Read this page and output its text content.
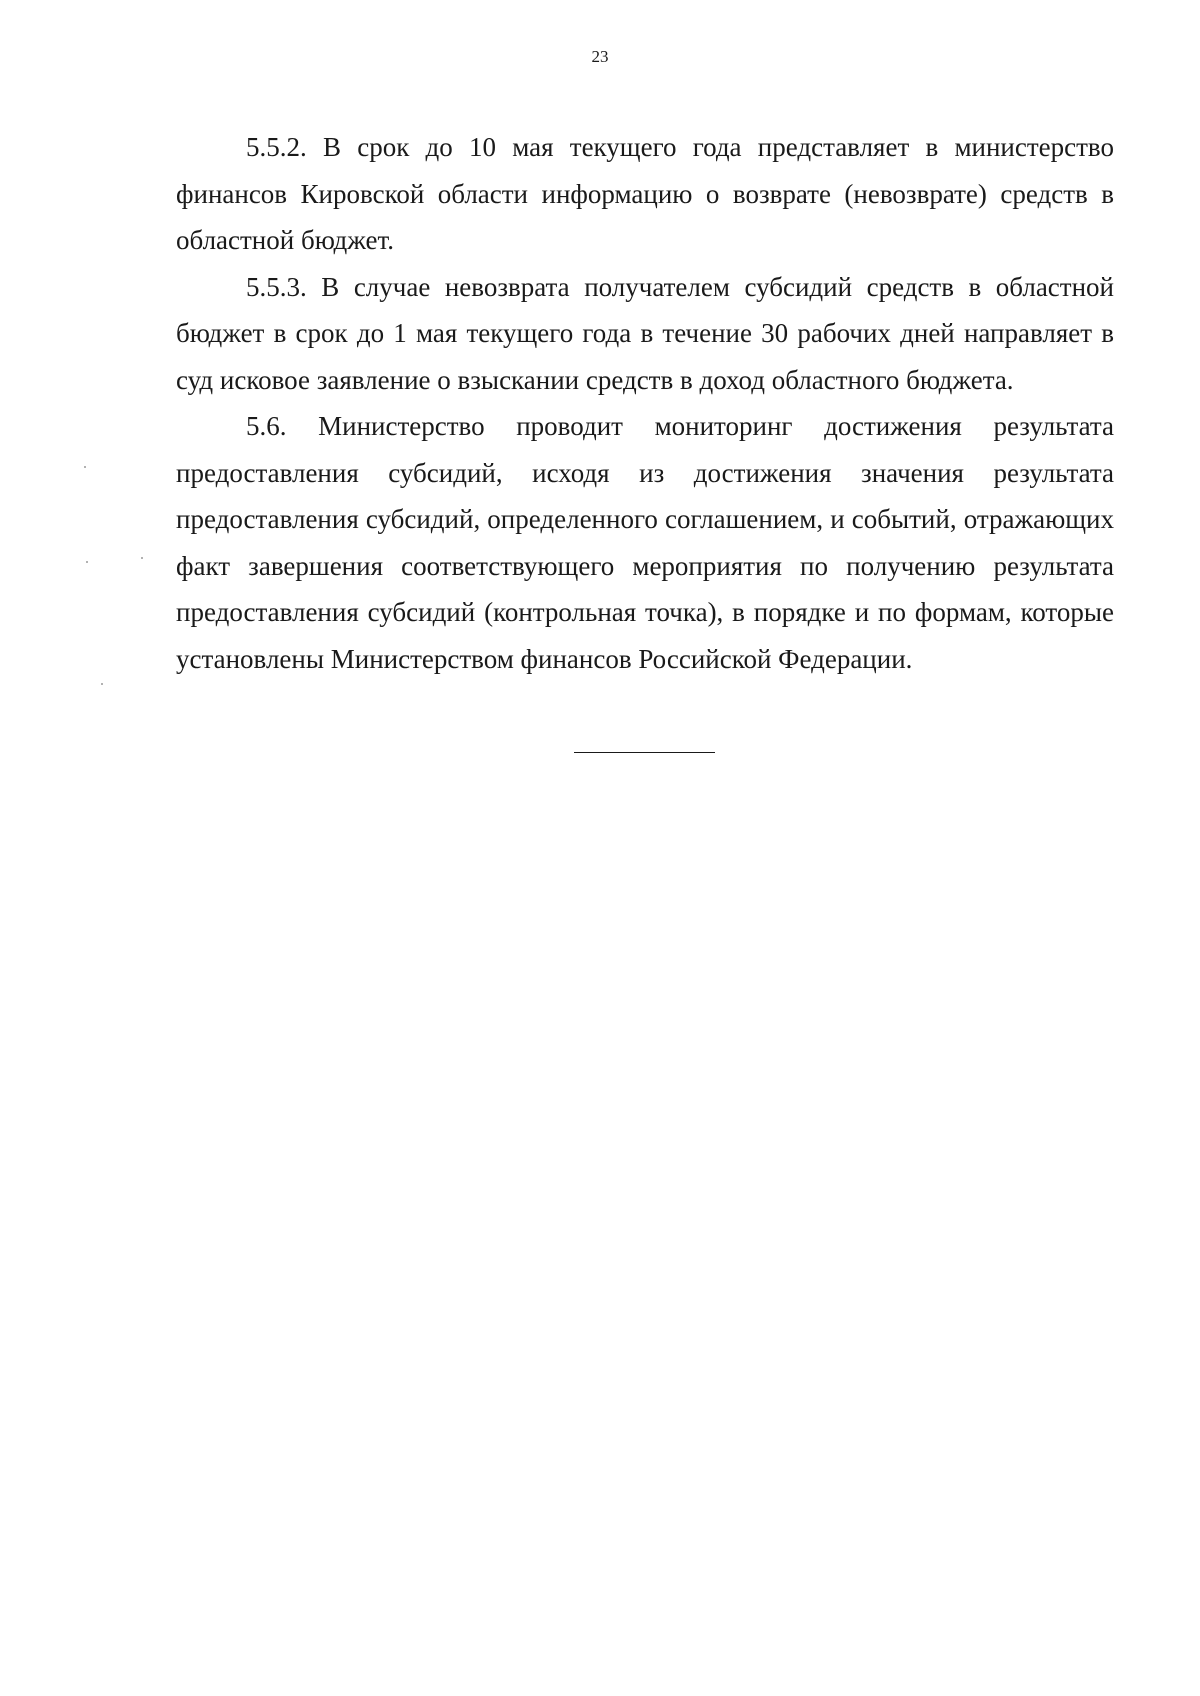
23

5.5.2. В срок до 10 мая текущего года представляет в министерство финансов Кировской области информацию о возврате (невозврате) средств в областной бюджет.

5.5.3. В случае невозврата получателем субсидий средств в областной бюджет в срок до 1 мая текущего года в течение 30 рабочих дней направляет в суд исковое заявление о взыскании средств в доход областного бюджета.

5.6. Министерство проводит мониторинг достижения результата предоставления субсидий, исходя из достижения значения результата предоставления субсидий, определенного соглашением, и событий, отражающих факт завершения соответствующего мероприятия по получению результата предоставления субсидий (контрольная точка), в порядке и по формам, которые установлены Министерством финансов Российской Федерации.
